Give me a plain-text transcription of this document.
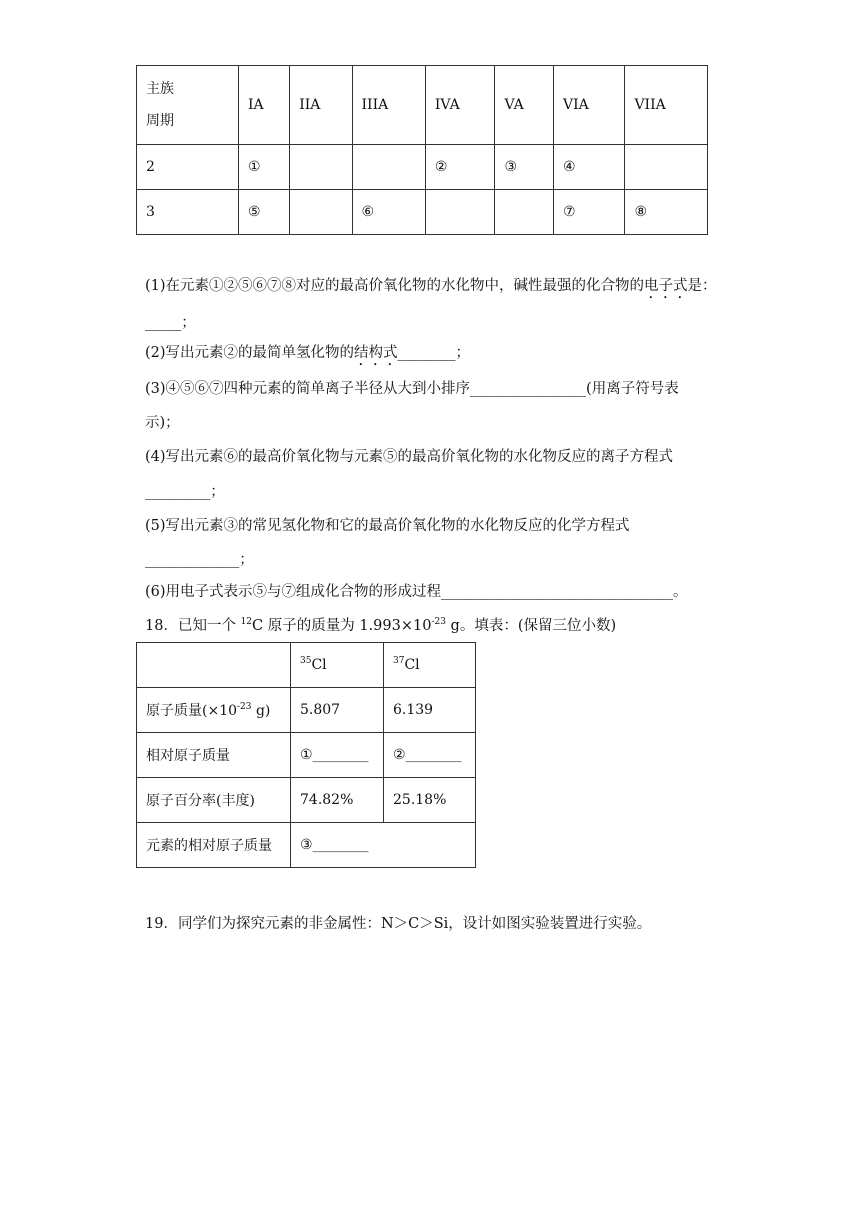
主族
周期	IA	IIA	IIIA	IVA	VA	VIA	VIIA
2	①			②	③	④	
3	⑤		⑥			⑦	⑧
(1)在元素①②⑤⑥⑦⑧对应的最高价氧化物的水化物中，碱性最强的化合物的电子式是：
_____；
(2)写出元素②的最简单氢化物的结构式________；
(3)④⑤⑥⑦四种元素的简单离子半径从大到小排序________________(用离子符号表
示)；
(4)写出元素⑥的最高价氧化物与元素⑤的最高价氧化物的水化物反应的离子方程式
_________；
(5)写出元素③的常见氢化物和它的最高价氧化物的水化物反应的化学方程式
_____________；
(6)用电子式表示⑤与⑦组成化合物的形成过程________________________________。
18．已知一个 $^{12}$C 原子的质量为 $1.993\times 10^{-23}$ g。填表：(保留三位小数)
	$^{35}$Cl	$^{37}$Cl
原子质量($\times 10^{-23}$ g)	5.807	6.139
相对原子质量	①________	②________
原子百分率(丰度)	74.82%	25.18%
元素的相对原子质量	③________	
19．同学们为探究元素的非金属性：N＞C＞Si，设计如图实验装置进行实验。
